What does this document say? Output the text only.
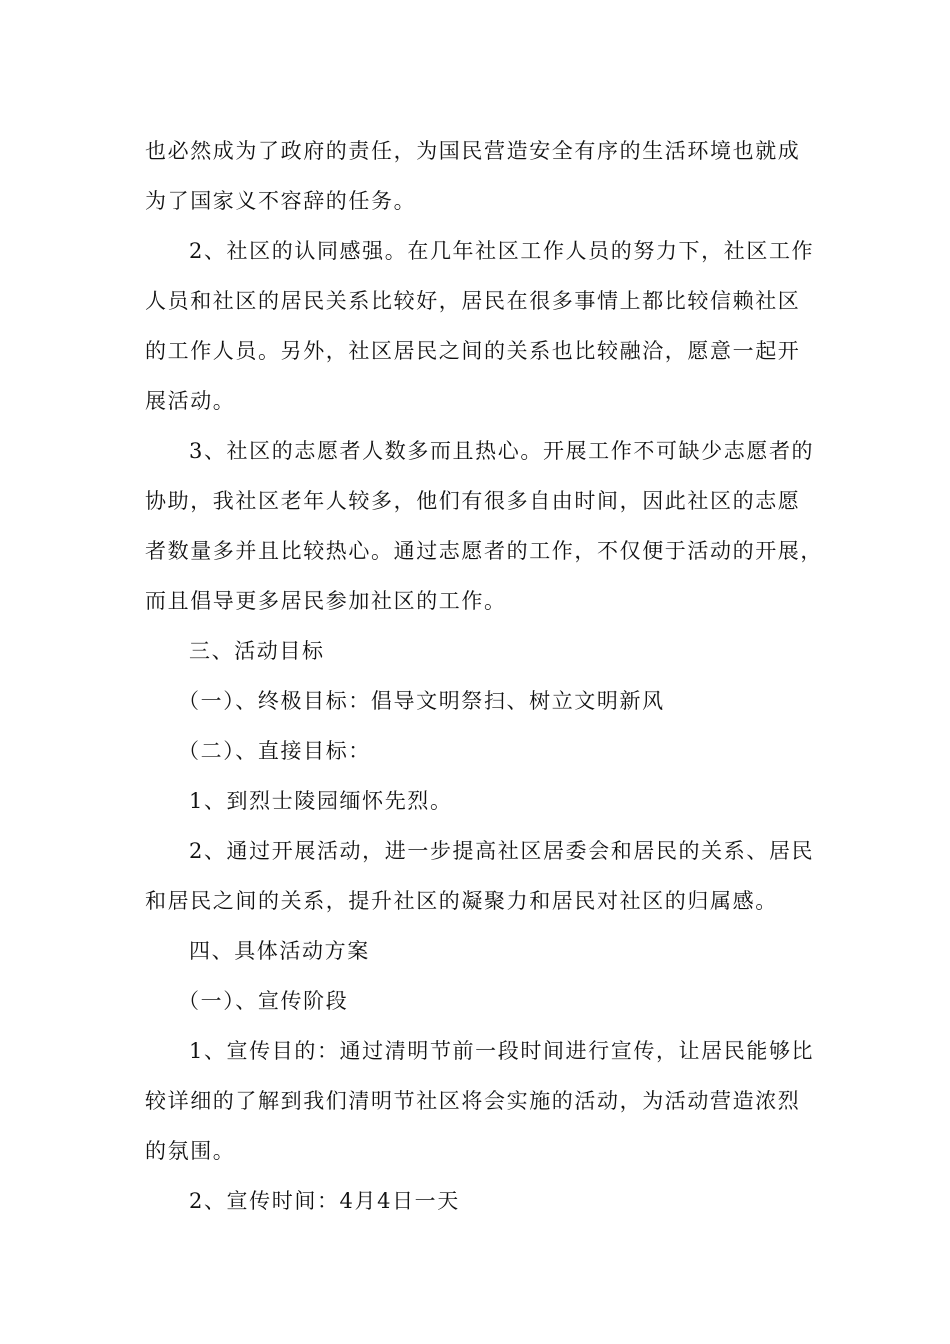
也必然成为了政府的责任，为国民营造安全有序的生活环境也就成
为了国家义不容辞的任务。
2、社区的认同感强。在几年社区工作人员的努力下，社区工作
人员和社区的居民关系比较好，居民在很多事情上都比较信赖社区
的工作人员。另外，社区居民之间的关系也比较融洽，愿意一起开
展活动。
3、社区的志愿者人数多而且热心。开展工作不可缺少志愿者的
协助，我社区老年人较多，他们有很多自由时间，因此社区的志愿
者数量多并且比较热心。通过志愿者的工作，不仅便于活动的开展，
而且倡导更多居民参加社区的工作。
三、活动目标
（一）、终极目标：倡导文明祭扫、树立文明新风
（二）、直接目标：
1、到烈士陵园缅怀先烈。
2、通过开展活动，进一步提高社区居委会和居民的关系、居民
和居民之间的关系，提升社区的凝聚力和居民对社区的归属感。
四、具体活动方案
（一）、宣传阶段
1、宣传目的：通过清明节前一段时间进行宣传，让居民能够比
较详细的了解到我们清明节社区将会实施的活动，为活动营造浓烈
的氛围。
2、宣传时间：4月4日一天
